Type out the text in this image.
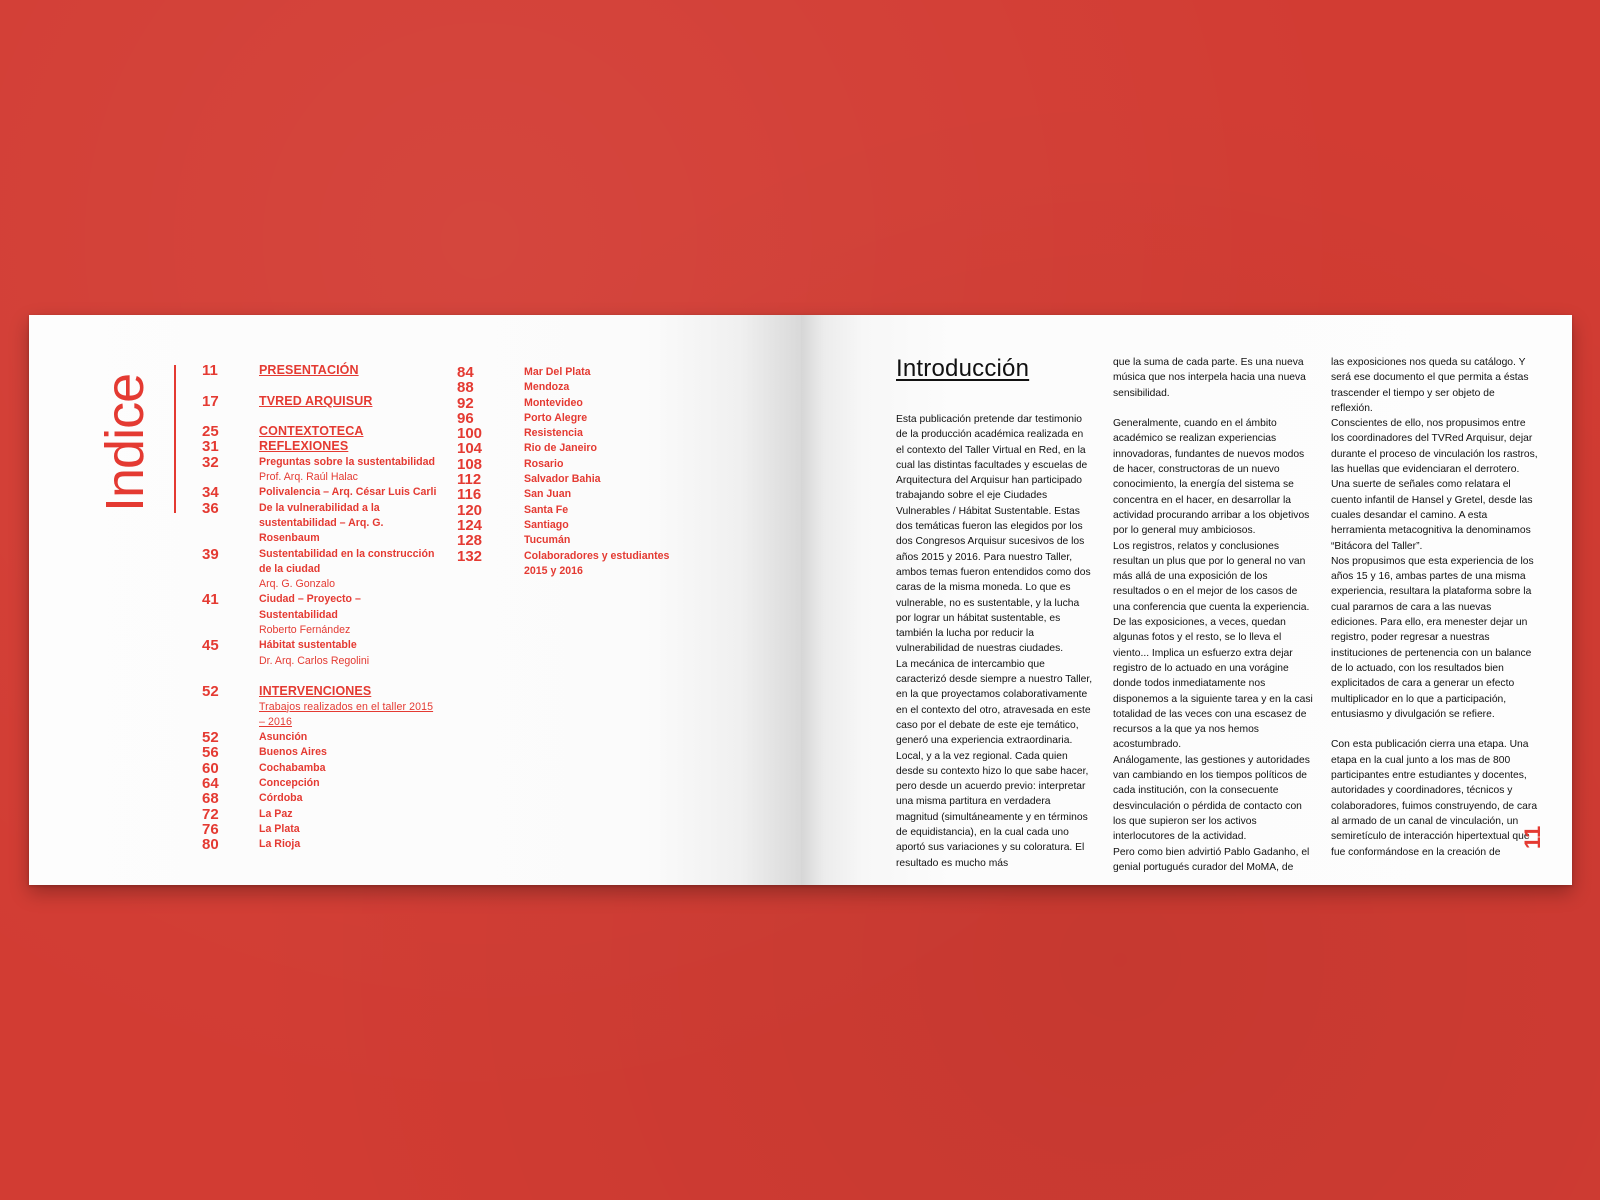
Indice
11	PRESENTACIÓN
17	TVRED ARQUISUR
25	CONTEXTOTECA
31	REFLEXIONES
32	Preguntas sobre la sustentabilidad
Prof. Arq. Raúl Halac
34	Polivalencia – Arq. César Luis Carli
36	De la vulnerabilidad a la sustentabilidad – Arq. G. Rosenbaum
39	Sustentabilidad en la construcción de la ciudad
Arq. G. Gonzalo
41	Ciudad – Proyecto – Sustentabilidad
Roberto Fernández
45	Hábitat sustentable
Dr. Arq. Carlos Regolini
52	INTERVENCIONES
Trabajos realizados en el taller 2015 – 2016
52	Asunción
56	Buenos Aires
60	Cochabamba
64	Concepción
68	Córdoba
72	La Paz
76	La Plata
80	La Rioja
84	Mar Del Plata
88	Mendoza
92	Montevideo
96	Porto Alegre
100	Resistencia
104	Rio de Janeiro
108	Rosario
112	Salvador Bahia
116	San Juan
120	Santa Fe
124	Santiago
128	Tucumán
132	Colaboradores y estudiantes 2015 y 2016
Introducción

Esta publicación pretende dar testimonio de la producción académica realizada en el contexto del Taller Virtual en Red, en la cual las distintas facultades y escuelas de Arquitectura del Arquisur han participado trabajando sobre el eje Ciudades Vulnerables / Hábitat Sustentable. Estas dos temáticas fueron las elegidos por los dos Congresos Arquisur sucesivos de los años 2015 y 2016. Para nuestro Taller, ambos temas fueron entendidos como dos caras de la misma moneda. Lo que es vulnerable, no es sustentable, y la lucha por lograr un hábitat sustentable, es también la lucha por reducir la vulnerabilidad de nuestras ciudades.

La mecánica de intercambio que caracterizó desde siempre a nuestro Taller, en la que proyectamos colaborativamente en el contexto del otro, atravesada en este caso por el debate de este eje temático, generó una experiencia extraordinaria. Local, y a la vez regional. Cada quien desde su contexto hizo lo que sabe hacer, pero desde un acuerdo previo: interpretar una misma partitura en verdadera magnitud (simultáneamente y en términos de equidistancia), en la cual cada uno aportó sus variaciones y su coloratura. El resultado es mucho más

que la suma de cada parte. Es una nueva música que nos interpela hacia una nueva sensibilidad.

Generalmente, cuando en el ámbito académico se realizan experiencias innovadoras, fundantes de nuevos modos de hacer, constructoras de un nuevo conocimiento, la energía del sistema se concentra en el hacer, en desarrollar la actividad procurando arribar a los objetivos por lo general muy ambiciosos.

Los registros, relatos y conclusiones resultan un plus que por lo general no van más allá de una exposición de los resultados o en el mejor de los casos de una conferencia que cuenta la experiencia. De las exposiciones, a veces, quedan algunas fotos y el resto, se lo lleva el viento... Implica un esfuerzo extra dejar registro de lo actuado en una vorágine donde todos inmediatamente nos disponemos a la siguiente tarea y en la casi totalidad de las veces con una escasez de recursos a la que ya nos hemos acostumbrado.

Análogamente, las gestiones y autoridades van cambiando en los tiempos políticos de cada institución, con la consecuente desvinculación o pérdida de contacto con los que supieron ser los activos interlocutores de la actividad.

Pero como bien advirtió Pablo Gadanho, el genial portugués curador del MoMA, de

las exposiciones nos queda su catálogo. Y será ese documento el que permita a éstas trascender el tiempo y ser objeto de reflexión.

Conscientes de ello, nos propusimos entre los coordinadores del TVRed Arquisur, dejar durante el proceso de vinculación los rastros, las huellas que evidenciaran el derrotero. Una suerte de señales como relatara el cuento infantil de Hansel y Gretel, desde las cuales desandar el camino. A esta herramienta metacognitiva la denominamos “Bitácora del Taller”.

Nos propusimos que esta experiencia de los años 15 y 16, ambas partes de una misma experiencia, resultara la plataforma sobre la cual pararnos de cara a las nuevas ediciones. Para ello, era menester dejar un registro, poder regresar a nuestras instituciones de pertenencia con un balance de lo actuado, con los resultados bien explicitados de cara a generar un efecto multiplicador en lo que a participación, entusiasmo y divulgación se refiere.

Con esta publicación cierra una etapa. Una etapa en la cual junto a los mas de 800 participantes entre estudiantes y docentes, autoridades y coordinadores, técnicos y colaboradores, fuimos construyendo, de cara al armado de un canal de vinculación, un semiretículo de interacción hipertextual que fue conformándose en la creación de

11
